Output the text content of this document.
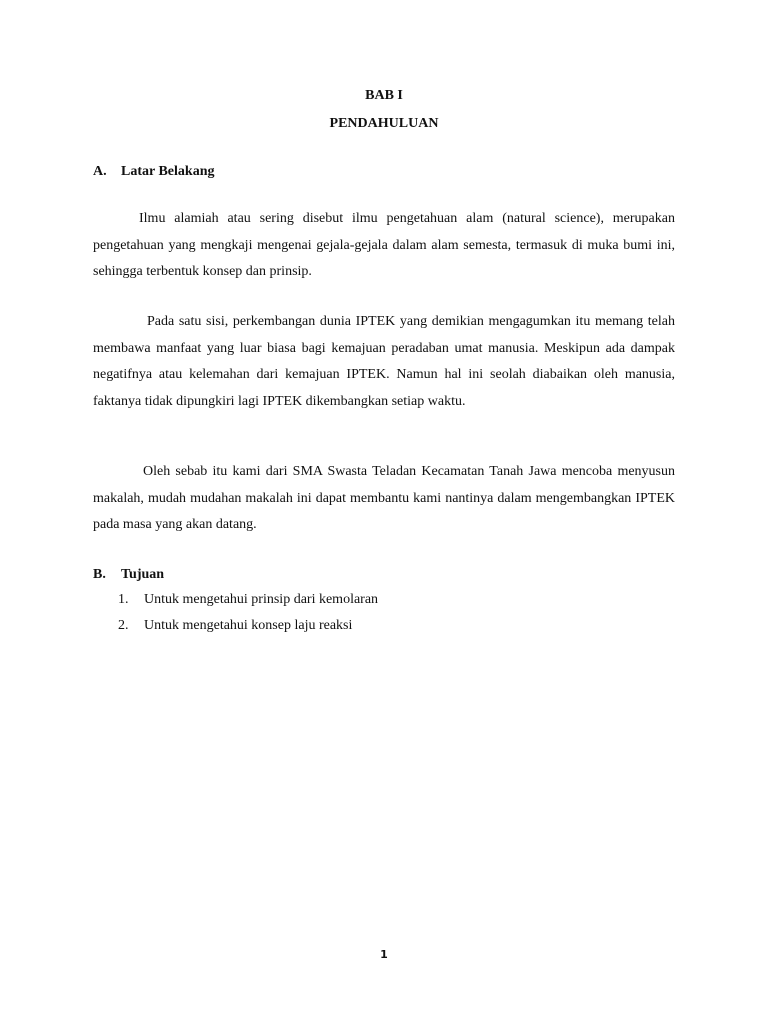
BAB I
PENDAHULUAN
A. Latar Belakang

Ilmu alamiah atau sering disebut ilmu pengetahuan alam (natural science), merupakan pengetahuan yang mengkaji mengenai gejala-gejala dalam alam semesta, termasuk di muka bumi ini, sehingga terbentuk konsep dan prinsip.

Pada satu sisi, perkembangan dunia IPTEK yang demikian mengagumkan itu memang telah membawa manfaat yang luar biasa bagi kemajuan peradaban umat manusia. Meskipun ada dampak negatifnya atau kelemahan dari kemajuan IPTEK. Namun hal ini seolah diabaikan oleh manusia, faktanya tidak dipungkiri lagi IPTEK dikembangkan setiap waktu.

Oleh sebab itu kami dari SMA Swasta Teladan Kecamatan Tanah Jawa mencoba menyusun makalah, mudah mudahan makalah ini dapat membantu kami nantinya dalam mengembangkan IPTEK pada masa yang akan datang.

B. Tujuan
1. Untuk mengetahui prinsip dari kemolaran
2. Untuk mengetahui konsep laju reaksi
1
